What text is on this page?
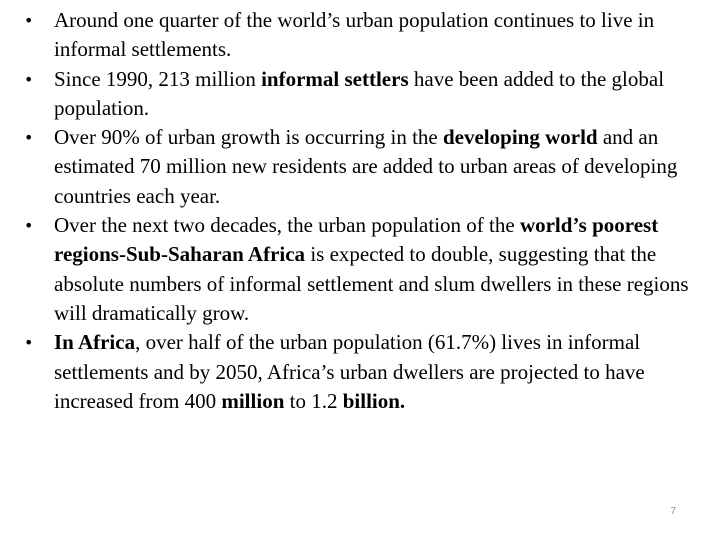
• Around one quarter of the world’s urban population continues to live in informal settlements.
• Since 1990, 213 million informal settlers have been added to the global population.
• Over 90% of urban growth is occurring in the developing world and an estimated 70 million new residents are added to urban areas of developing countries each year.
• Over the next two decades, the urban population of the world’s poorest regions-Sub-Saharan Africa is expected to double, suggesting that the absolute numbers of informal settlement and slum dwellers in these regions will dramatically grow.
• In Africa, over half of the urban population (61.7%) lives in informal settlements and by 2050, Africa’s urban dwellers are projected to have increased from 400 million to 1.2 billion.
7
